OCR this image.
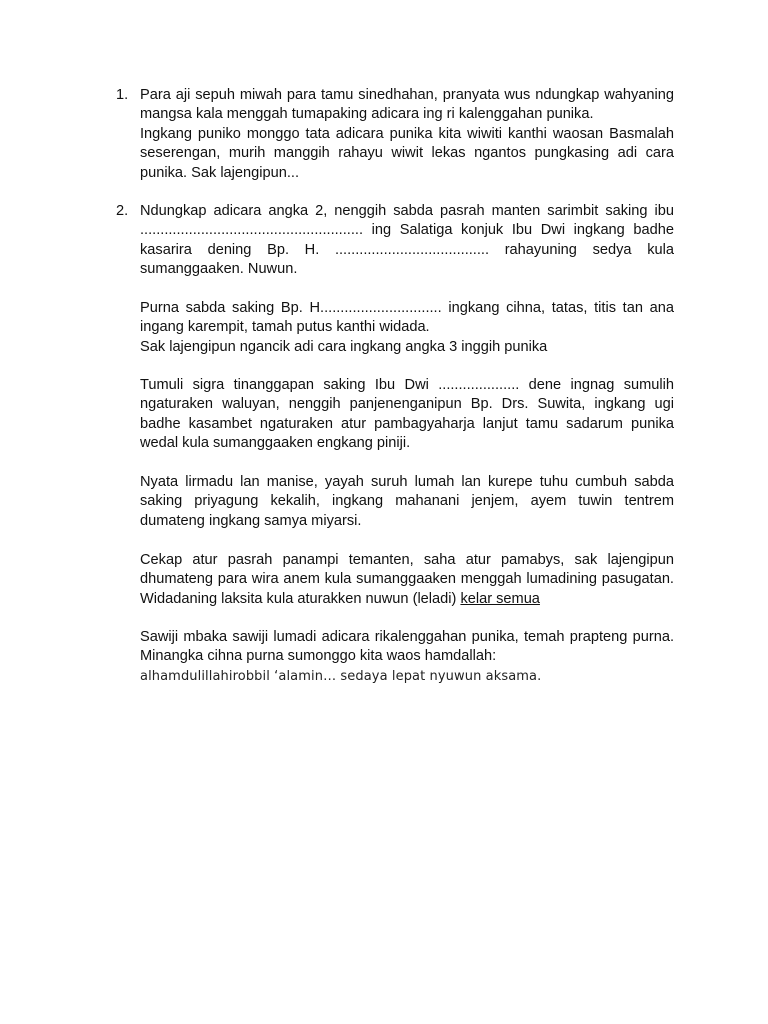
1. Para aji sepuh miwah para tamu sinedhahan, pranyata wus ndungkap wahyaning mangsa kala menggah tumapaking adicara ing ri kalenggahan punika.

Ingkang puniko monggo tata adicara punika kita wiwiti kanthi waosan Basmalah seserengan, murih manggih rahayu wiwit lekas ngantos pungkasing adi cara punika. Sak lajengipun...

2. Ndungkap adicara angka 2, nenggih sabda pasrah manten sarimbit saking ibu ....................................................... ing Salatiga konjuk Ibu Dwi ingkang badhe kasarira dening Bp. H. ...................................... rahayuning sedya kula sumanggaaken. Nuwun.

Purna sabda saking Bp. H.............................. ingkang cihna, tatas, titis tan ana ingang karempit, tamah putus kanthi widada.

Sak lajengipun ngancik adi cara ingkang angka 3 inggih punika

Tumuli sigra tinanggapan saking Ibu Dwi .................... dene ingnag sumulih ngaturaken waluyan, nenggih panjenenganipun Bp. Drs. Suwita, ingkang ugi badhe kasambet ngaturaken atur pambagyaharja lanjut tamu sadarum punika wedal kula sumanggaaken engkang piniji.

Nyata lirmadu lan manise, yayah suruh lumah lan kurepe tuhu cumbuh sabda saking priyagung kekalih, ingkang mahanani jenjem, ayem tuwin tentrem dumateng ingkang samya miyarsi.

Cekap atur pasrah panampi temanten, saha atur pamabys, sak lajengipun dhumateng para wira anem kula sumanggaaken menggah lumadining pasugatan. Widadaning laksita kula aturakken nuwun (leladi) kelar semua

Sawiji mbaka sawiji lumadi adicara rikalenggahan punika, temah prapteng purna. Minangka cihna purna sumonggo kita waos hamdallah:

alhamdulillahirobbil ‘alamin… sedaya lepat nyuwun aksama.
